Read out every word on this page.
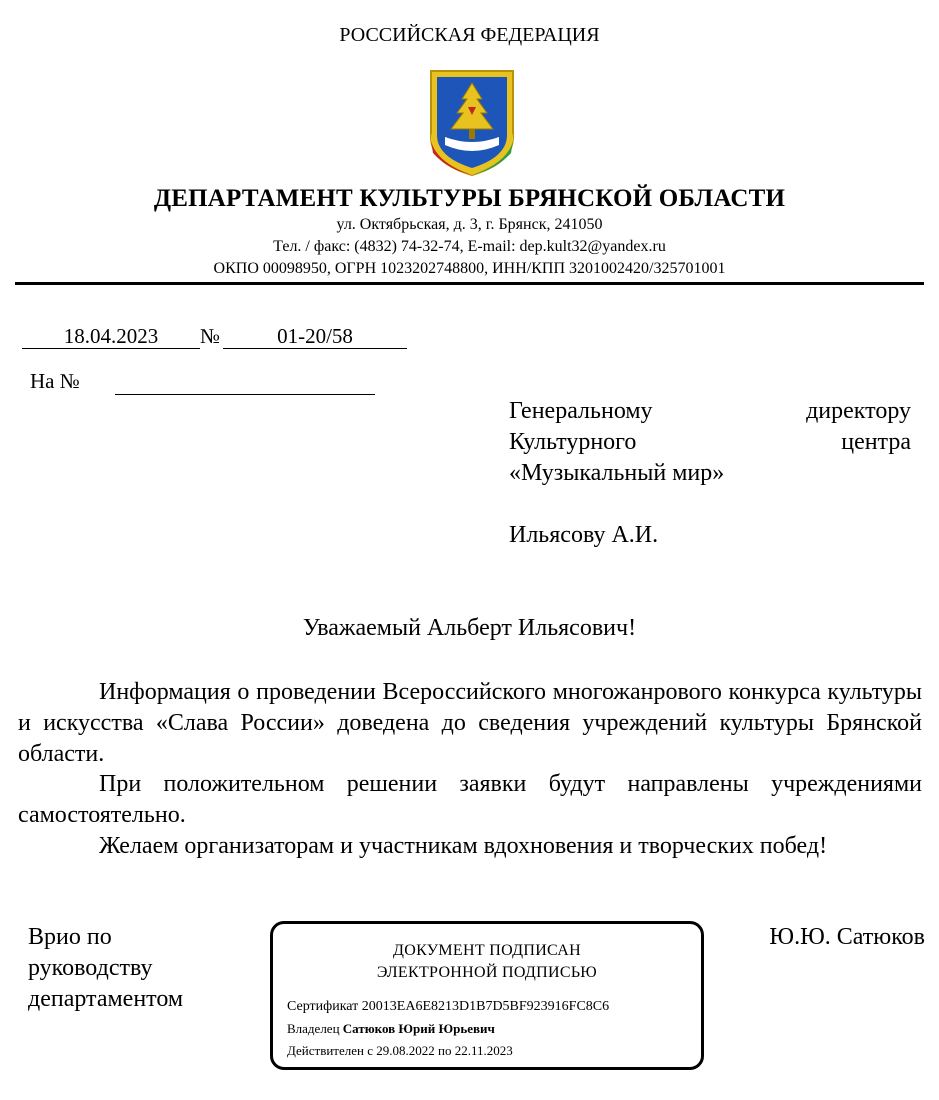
РОССИЙСКАЯ ФЕДЕРАЦИЯ
ДЕПАРТАМЕНТ КУЛЬТУРЫ БРЯНСКОЙ ОБЛАСТИ
ул. Октябрьская, д. 3, г. Брянск, 241050
Тел. / факс: (4832) 74-32-74, E-mail: dep.kult32@yandex.ru
ОКПО 00098950, ОГРН 1023202748800, ИНН/КПП 3201002420/325701001
18.04.2023	№	01-20/58
На №
Генеральному	директору
Культурного	центра
«Музыкальный мир»
Ильясову А.И.
Уважаемый Альберт Ильясович!
Информация о проведении Всероссийского многожанрового конкурса культуры и искусства «Слава России» доведена до сведения учреждений культуры Брянской области.
При положительном решении заявки будут направлены учреждениями самостоятельно.
Желаем организаторам и участникам вдохновения и творческих побед!
Врио по
руководству
департаментом
Ю.Ю. Сатюков
ДОКУМЕНТ ПОДПИСАН
ЭЛЕКТРОННОЙ ПОДПИСЬЮ
Сертификат 20013EA6E8213D1B7D5BF923916FC8C6
Владелец Сатюков Юрий Юрьевич
Действителен с 29.08.2022 по 22.11.2023
